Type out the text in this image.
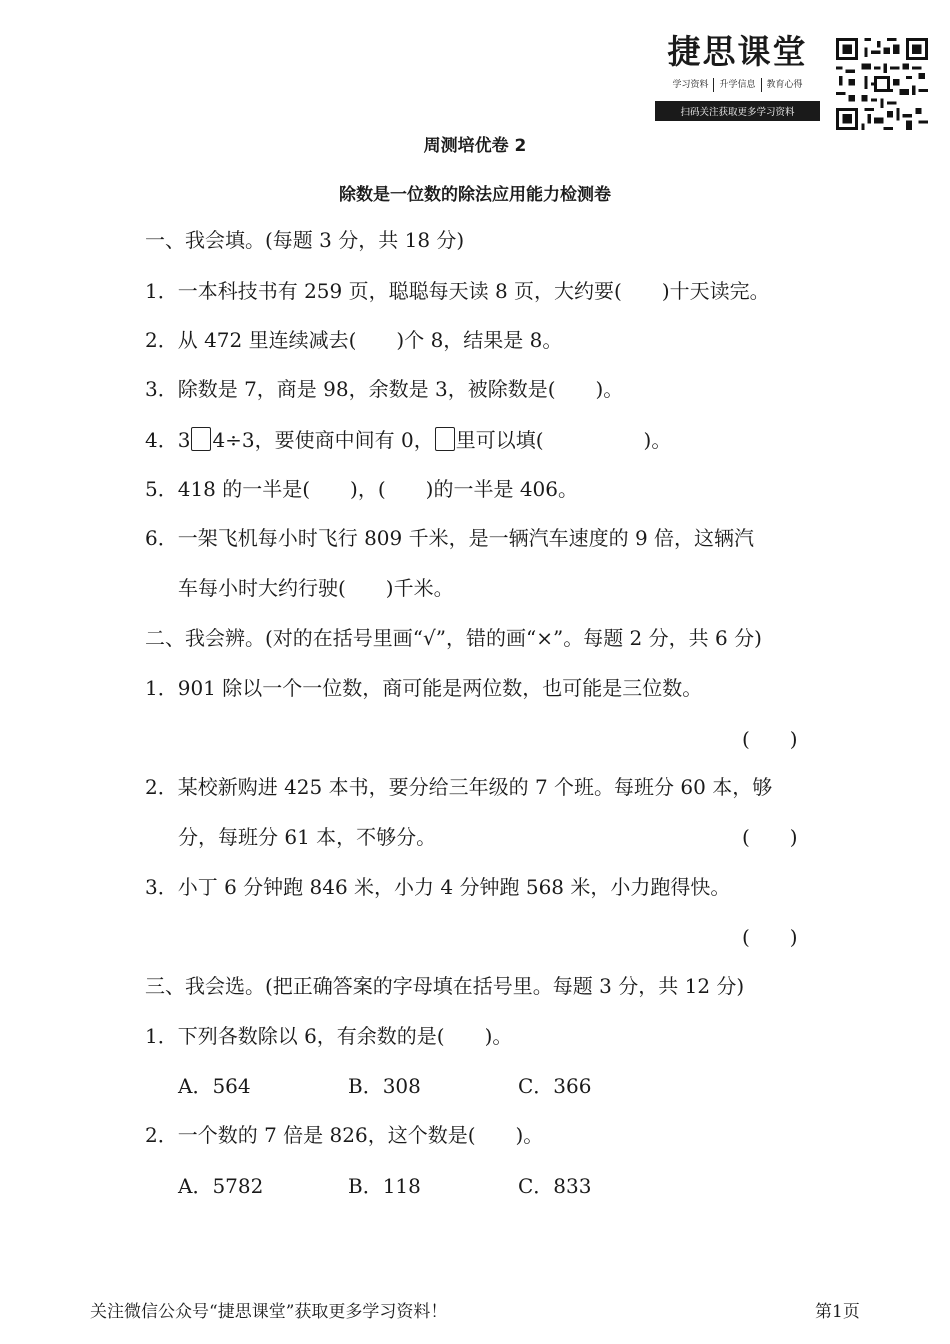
捷思课堂
学习资料	升学信息	教育心得
扫码关注获取更多学习资料
周测培优卷 2
除数是一位数的除法应用能力检测卷
一、我会填。(每题 3 分，共 18 分)
1．一本科技书有 259 页，聪聪每天读 8 页，大约要(　　)十天读完。
2．从 472 里连续减去(　　)个 8，结果是 8。
3．除数是 7，商是 98，余数是 3，被除数是(　　)。
4．3 4÷3，要使商中间有 0， 里可以填(　　　　　)。
5．418 的一半是(　　)，(　　)的一半是 406。
6．一架飞机每小时飞行 809 千米，是一辆汽车速度的 9 倍，这辆汽
车每小时大约行驶(　　)千米。
二、我会辨。(对的在括号里画“√”，错的画“×”。每题 2 分，共 6 分)
1．901 除以一个一位数，商可能是两位数，也可能是三位数。
(　　)
2．某校新购进 425 本书，要分给三年级的 7 个班。每班分 60 本，够
分，每班分 61 本，不够分。	(　　)
3．小丁 6 分钟跑 846 米，小力 4 分钟跑 568 米，小力跑得快。
(　　)
三、我会选。(把正确答案的字母填在括号里。每题 3 分，共 12 分)
1．下列各数除以 6，有余数的是(　　)。
A．564	B．308	C．366
2．一个数的 7 倍是 826，这个数是(　　)。
A．5782	B．118	C．833
关注微信公众号“捷思课堂”获取更多学习资料！	第1页
